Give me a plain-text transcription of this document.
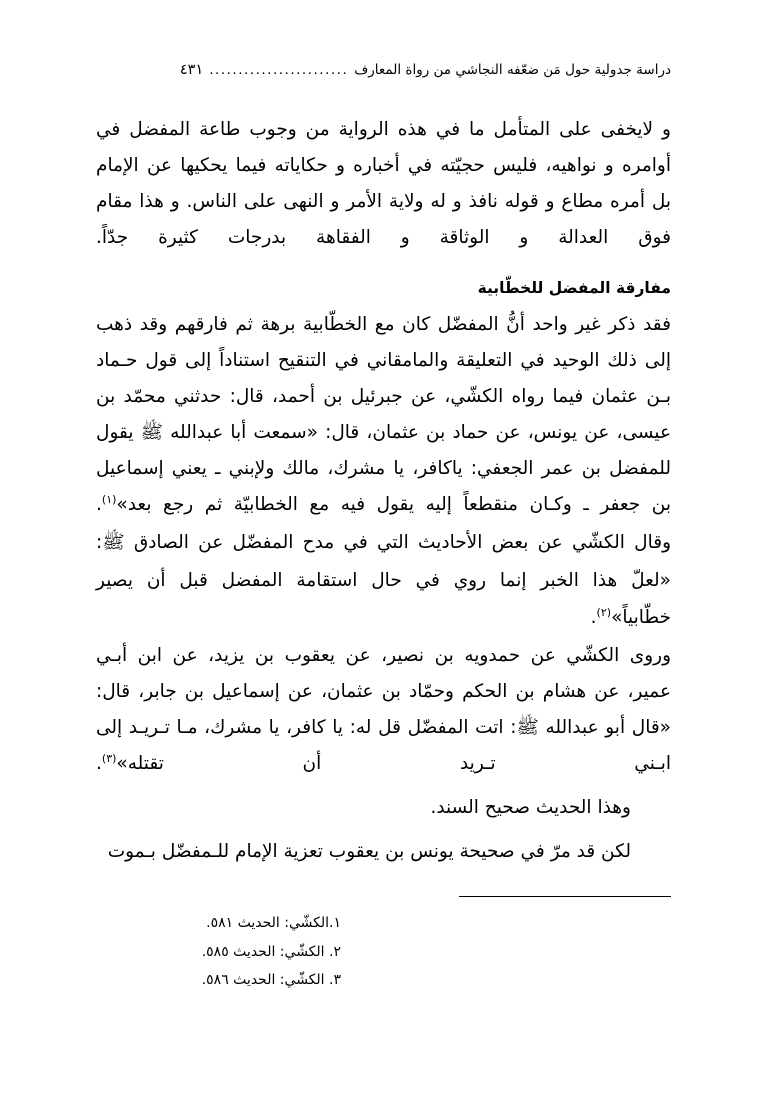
دراسة جدولية حول مَن ضعّفه النجاشي من رواة المعارف
........................
٤٣١

و لايخفى على المتأمل ما في هذه الرواية من وجوب طاعة المفضل في أوامره و نواهيه، فليس حجيّته في أخباره و حكاياته فيما يحكيها عن الإمام بل أمره مطاع و قوله نافذ و له ولاية الأمر و النهى على الناس. و هذا مقام فوق العدالة و الوثاقة و الفقاهة بدرجات كثيرة جدّاً.

مفارقة المفضل للخطّابية

فقد ذكر غير واحد أنُّ المفضّل كان مع الخطّابية برهة ثم فارقهم وقد ذهب إلى ذلك الوحيد في التعليقة والمامقاني في التنقيح استناداً إلى قول حـماد بـن عثمان فيما رواه الكشّي، عن جبرئيل بن أحمد، قال: حدثني محمّد بن عيسى، عن يونس، عن حماد بن عثمان، قال: «سمعت أبا عبدالله ﷺ يقول للمفضل بن عمر الجعفي: ياكافر، يا مشرك، مالك ولإبني ـ يعني إسماعيل بن جعفر ـ وكـان منقطعاً إليه يقول فيه مع الخطابيّة ثم رجع بعد»$^{(١)}$.

وقال الكشّي عن بعض الأحاديث التي في مدح المفضّل عن الصادق ﷺ:

«لعلّ هذا الخبر إنما روي في حال استقامة المفضل قبل أن يصير خطّابياً»$^{(٢)}$.

وروى الكشّي عن حمدويه بن نصير، عن يعقوب بن يزيد، عن ابن أبـي عمير، عن هشام بن الحكم وحمّاد بن عثمان، عن إسماعيل بن جابر، قال: «قال أبو عبدالله ﷺ: اتت المفضّل قل له: يا كافر، يا مشرك، مـا تـريـد إلى ابـني تـريد أن تقتله»$^{(٣)}$.

وهذا الحديث صحيح السند.

لكن قد مرّ في صحيحة يونس بن يعقوب تعزية الإمام للـمفضّل بـموت

١.الكشّي: الحديث ٥٨١.

٢. الكشّي: الحديث ٥٨٥.

٣. الكشّي: الحديث ٥٨٦.
